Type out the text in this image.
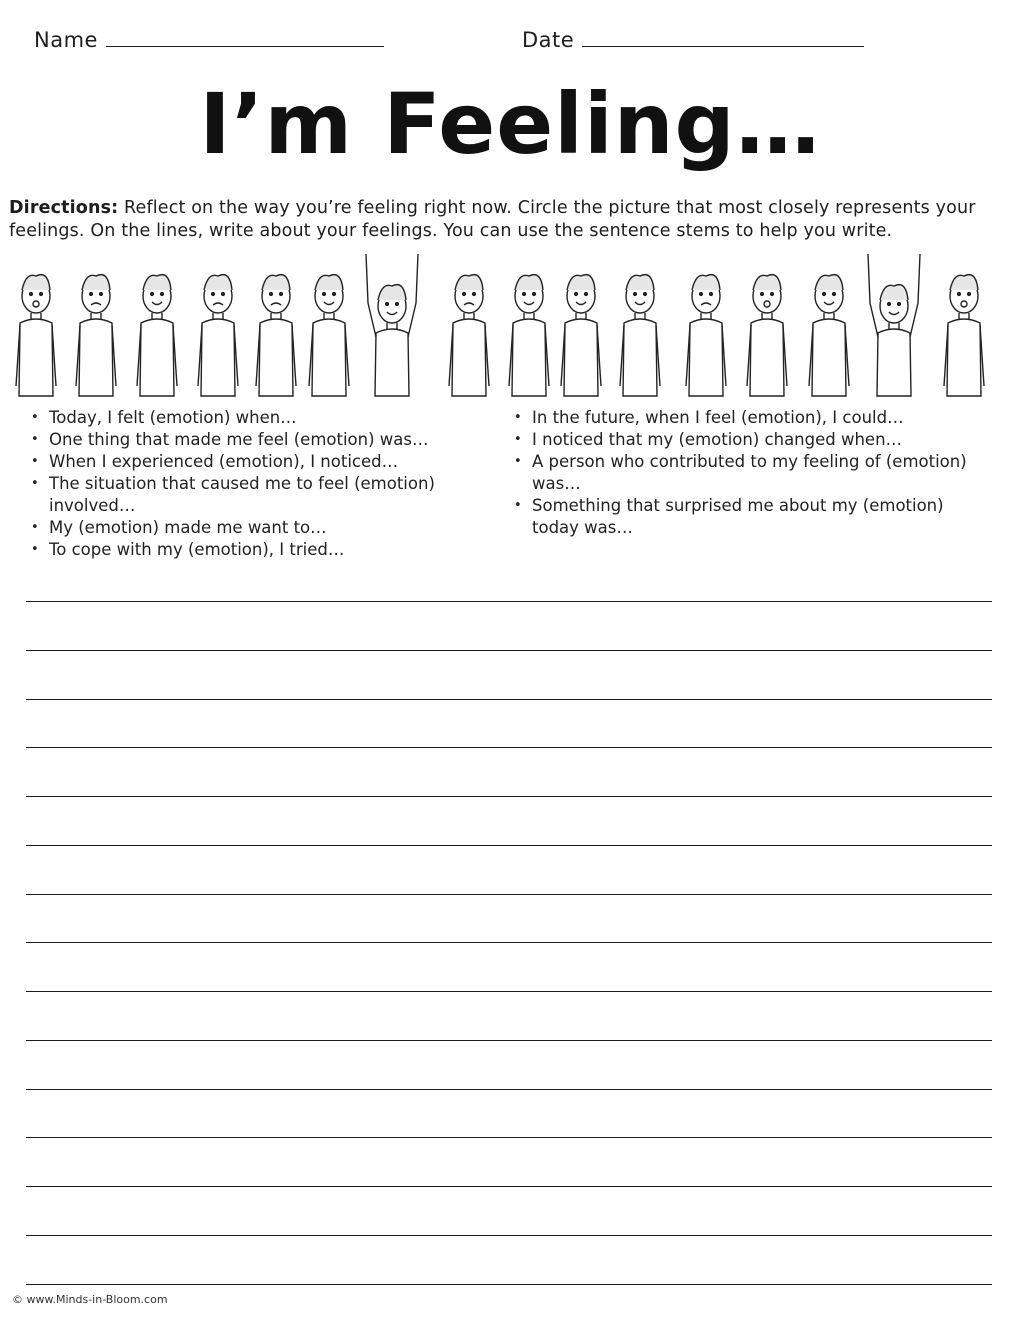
Name	Date
I’m Feeling…
Directions: Reflect on the way you’re feeling right now. Circle the picture that most closely represents your feelings. On the lines, write about your feelings. You can use the sentence stems to help you write.
• Today, I felt (emotion) when…
• One thing that made me feel (emotion) was…
• When I experienced (emotion), I noticed…
• The situation that caused me to feel (emotion) involved…
• My (emotion) made me want to…
• To cope with my (emotion), I tried…
• In the future, when I feel (emotion), I could…
• I noticed that my (emotion) changed when…
• A person who contributed to my feeling of (emotion) was…
• Something that surprised me about my (emotion) today was…
© www.Minds-in-Bloom.com
